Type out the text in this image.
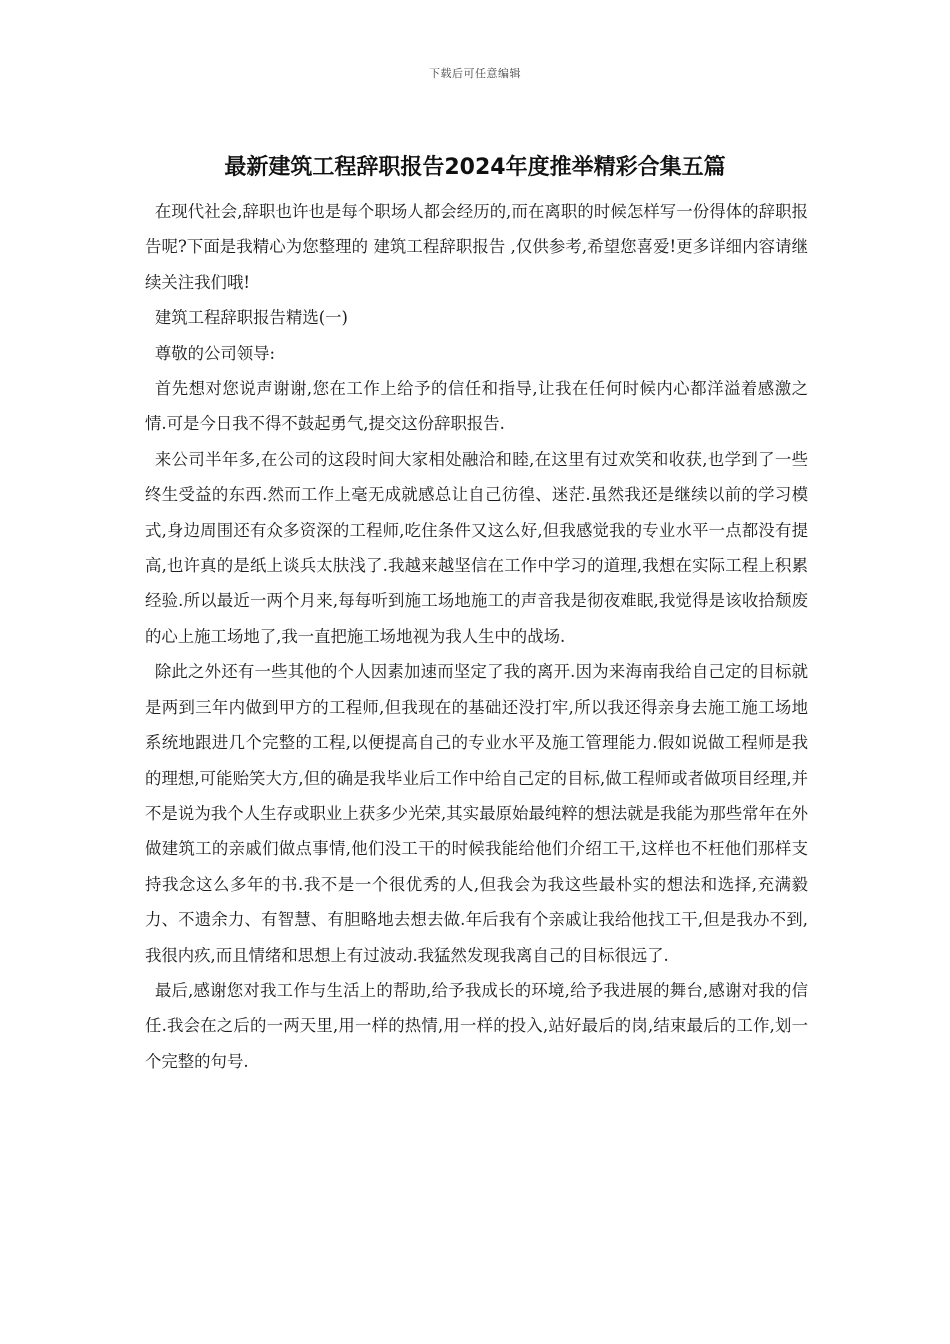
下载后可任意编辑
最新建筑工程辞职报告2024年度推举精彩合集五篇

在现代社会,辞职也许也是每个职场人都会经历的,而在离职的时候怎样写一份得体的辞职报告呢?下面是我精心为您整理的 建筑工程辞职报告 ,仅供参考,希望您喜爱!更多详细内容请继续关注我们哦!

建筑工程辞职报告精选(一)

尊敬的公司领导:

首先想对您说声谢谢,您在工作上给予的信任和指导,让我在任何时候内心都洋溢着感激之情.可是今日我不得不鼓起勇气,提交这份辞职报告.

来公司半年多,在公司的这段时间大家相处融洽和睦,在这里有过欢笑和收获,也学到了一些终生受益的东西.然而工作上毫无成就感总让自己彷徨、迷茫.虽然我还是继续以前的学习模式,身边周围还有众多资深的工程师,吃住条件又这么好,但我感觉我的专业水平一点都没有提高,也许真的是纸上谈兵太肤浅了.我越来越坚信在工作中学习的道理,我想在实际工程上积累经验.所以最近一两个月来,每每听到施工场地施工的声音我是彻夜难眠,我觉得是该收拾颓废的心上施工场地了,我一直把施工场地视为我人生中的战场.

除此之外还有一些其他的个人因素加速而坚定了我的离开.因为来海南我给自己定的目标就是两到三年内做到甲方的工程师,但我现在的基础还没打牢,所以我还得亲身去施工施工场地系统地跟进几个完整的工程,以便提高自己的专业水平及施工管理能力.假如说做工程师是我的理想,可能贻笑大方,但的确是我毕业后工作中给自己定的目标,做工程师或者做项目经理,并不是说为我个人生存或职业上获多少光荣,其实最原始最纯粹的想法就是我能为那些常年在外做建筑工的亲戚们做点事情,他们没工干的时候我能给他们介绍工干,这样也不枉他们那样支持我念这么多年的书.我不是一个很优秀的人,但我会为我这些最朴实的想法和选择,充满毅力、不遗余力、有智慧、有胆略地去想去做.年后我有个亲戚让我给他找工干,但是我办不到,我很内疚,而且情绪和思想上有过波动.我猛然发现我离自己的目标很远了.

最后,感谢您对我工作与生活上的帮助,给予我成长的环境,给予我进展的舞台,感谢对我的信任.我会在之后的一两天里,用一样的热情,用一样的投入,站好最后的岗,结束最后的工作,划一个完整的句号.
